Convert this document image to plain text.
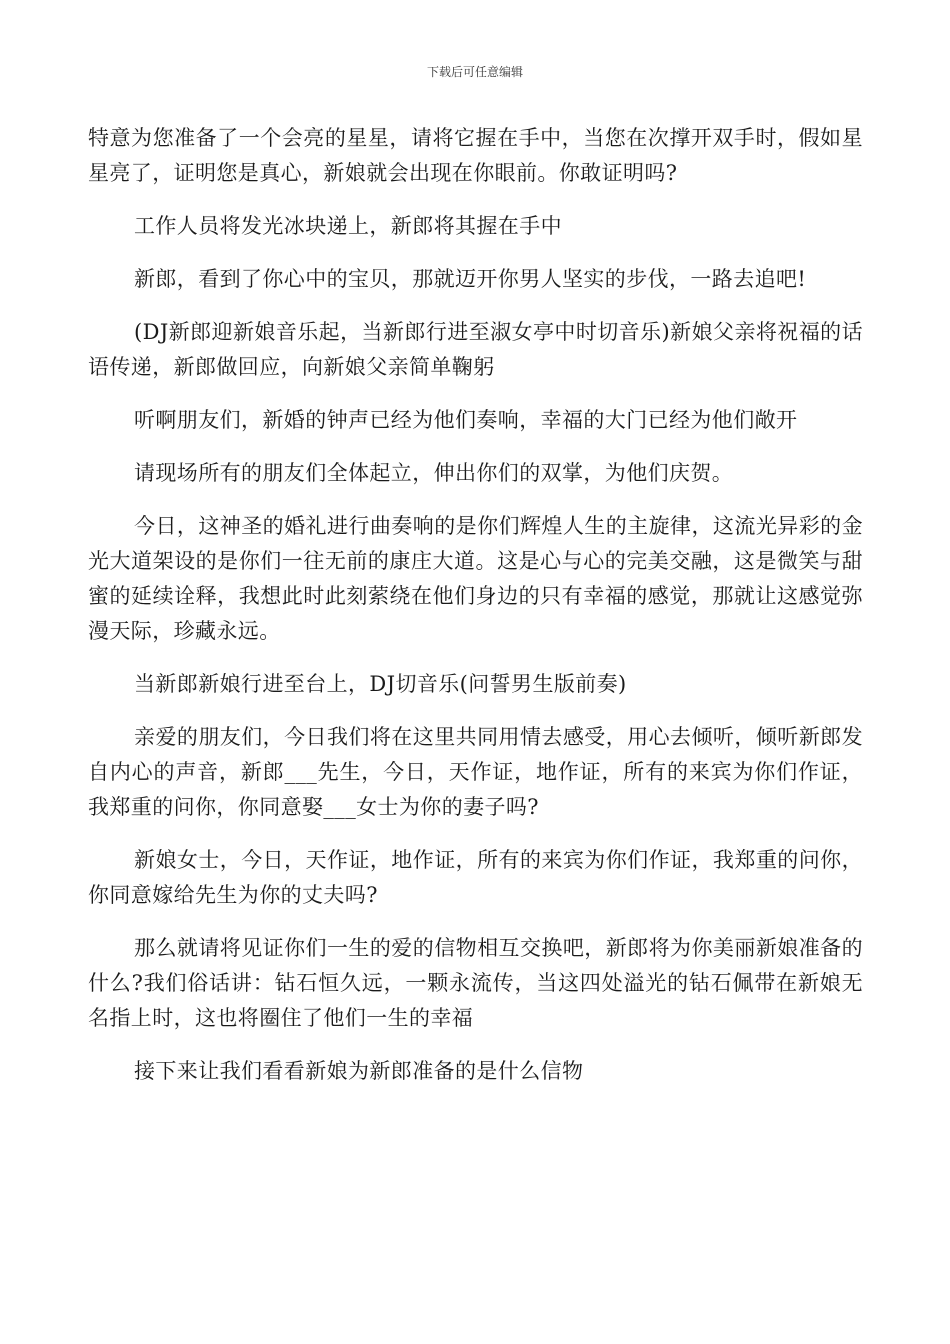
下载后可任意编辑

特意为您准备了一个会亮的星星，请将它握在手中，当您在次撑开双手时，假如星星亮了，证明您是真心，新娘就会出现在你眼前。你敢证明吗?

工作人员将发光冰块递上，新郎将其握在手中

新郎，看到了你心中的宝贝，那就迈开你男人坚实的步伐，一路去追吧!

(DJ新郎迎新娘音乐起，当新郎行进至淑女亭中时切音乐)新娘父亲将祝福的话语传递，新郎做回应，向新娘父亲简单鞠躬

听啊朋友们，新婚的钟声已经为他们奏响，幸福的大门已经为他们敞开

请现场所有的朋友们全体起立，伸出你们的双掌，为他们庆贺。

今日，这神圣的婚礼进行曲奏响的是你们辉煌人生的主旋律，这流光异彩的金光大道架设的是你们一往无前的康庄大道。这是心与心的完美交融，这是微笑与甜蜜的延续诠释，我想此时此刻萦绕在他们身边的只有幸福的感觉，那就让这感觉弥漫天际，珍藏永远。

当新郎新娘行进至台上，DJ切音乐(问誓男生版前奏)

亲爱的朋友们，今日我们将在这里共同用情去感受，用心去倾听，倾听新郎发自内心的声音，新郎___先生，今日，天作证，地作证，所有的来宾为你们作证，我郑重的问你，你同意娶___女士为你的妻子吗?

新娘女士，今日，天作证，地作证，所有的来宾为你们作证，我郑重的问你，你同意嫁给先生为你的丈夫吗?

那么就请将见证你们一生的爱的信物相互交换吧，新郎将为你美丽新娘准备的什么?我们俗话讲：钻石恒久远，一颗永流传，当这四处溢光的钻石佩带在新娘无名指上时，这也将圈住了他们一生的幸福

接下来让我们看看新娘为新郎准备的是什么信物
